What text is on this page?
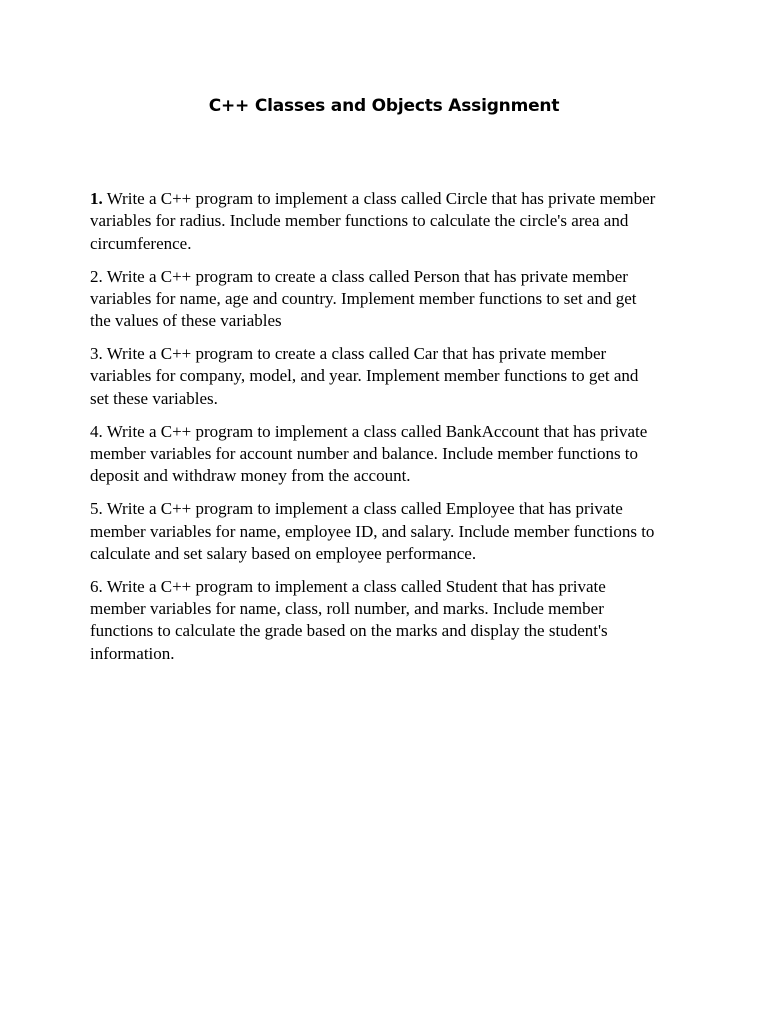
C++ Classes and Objects Assignment
1. Write a C++ program to implement a class called Circle that has private member
variables for radius. Include member functions to calculate the circle's area and
circumference.
2. Write a C++ program to create a class called Person that has private member
variables for name, age and country. Implement member functions to set and get
the values of these variables
3. Write a C++ program to create a class called Car that has private member
variables for company, model, and year. Implement member functions to get and
set these variables.
4. Write a C++ program to implement a class called BankAccount that has private
member variables for account number and balance. Include member functions to
deposit and withdraw money from the account.
5. Write a C++ program to implement a class called Employee that has private
member variables for name, employee ID, and salary. Include member functions to
calculate and set salary based on employee performance.
6. Write a C++ program to implement a class called Student that has private
member variables for name, class, roll number, and marks. Include member
functions to calculate the grade based on the marks and display the student's
information.
